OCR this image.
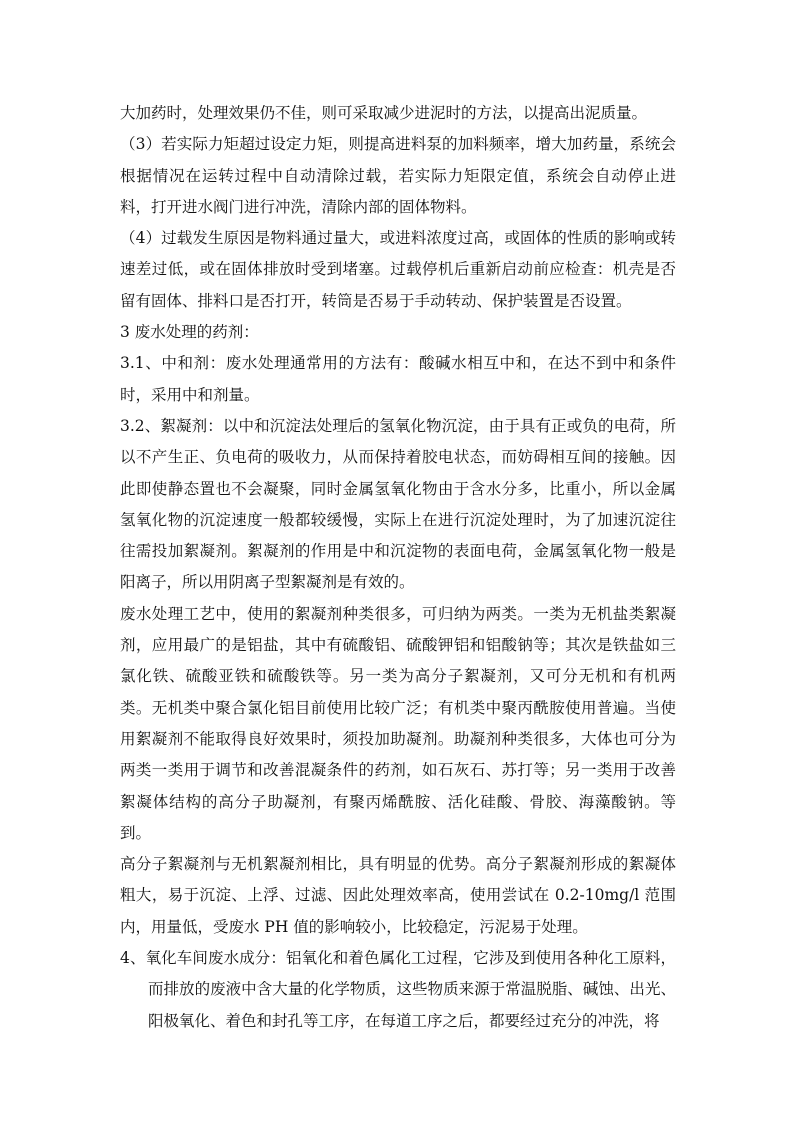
大加药时，处理效果仍不佳，则可采取减少进泥时的方法，以提高出泥质量。

（3）若实际力矩超过设定力矩，则提高进料泵的加料频率，增大加药量，系统会根据情况在运转过程中自动清除过载，若实际力矩限定值，系统会自动停止进料，打开进水阀门进行冲洗，清除内部的固体物料。

（4）过载发生原因是物料通过量大，或进料浓度过高，或固体的性质的影响或转速差过低，或在固体排放时受到堵塞。过载停机后重新启动前应检查：机壳是否留有固体、排料口是否打开，转筒是否易于手动转动、保护装置是否设置。

3 废水处理的药剂：

3.1、中和剂：废水处理通常用的方法有：酸碱水相互中和，在达不到中和条件时，采用中和剂量。

3.2、絮凝剂：以中和沉淀法处理后的氢氧化物沉淀，由于具有正或负的电荷，所以不产生正、负电荷的吸收力，从而保持着胶电状态，而妨碍相互间的接触。因此即使静态置也不会凝聚，同时金属氢氧化物由于含水分多，比重小，所以金属氢氧化物的沉淀速度一般都较缓慢，实际上在进行沉淀处理时，为了加速沉淀往往需投加絮凝剂。絮凝剂的作用是中和沉淀物的表面电荷，金属氢氧化物一般是阳离子，所以用阴离子型絮凝剂是有效的。

废水处理工艺中，使用的絮凝剂种类很多，可归纳为两类。一类为无机盐类絮凝剂，应用最广的是铝盐，其中有硫酸铝、硫酸钾铝和铝酸钠等；其次是铁盐如三氯化铁、硫酸亚铁和硫酸铁等。另一类为高分子絮凝剂，又可分无机和有机两类。无机类中聚合氯化铝目前使用比较广泛；有机类中聚丙酰胺使用普遍。当使用絮凝剂不能取得良好效果时，须投加助凝剂。助凝剂种类很多，大体也可分为两类一类用于调节和改善混凝条件的药剂，如石灰石、苏打等；另一类用于改善絮凝体结构的高分子助凝剂，有聚丙烯酰胺、活化硅酸、骨胶、海藻酸钠。等到。

高分子絮凝剂与无机絮凝剂相比，具有明显的优势。高分子絮凝剂形成的絮凝体粗大，易于沉淀、上浮、过滤、因此处理效率高，使用尝试在 0.2-10mg/l 范围内，用量低，受废水 PH 值的影响较小，比较稳定，污泥易于处理。

4、氧化车间废水成分：铝氧化和着色属化工过程，它涉及到使用各种化工原料，而排放的废液中含大量的化学物质，这些物质来源于常温脱脂、碱蚀、出光、阳极氧化、着色和封孔等工序，在每道工序之后，都要经过充分的冲洗，将
